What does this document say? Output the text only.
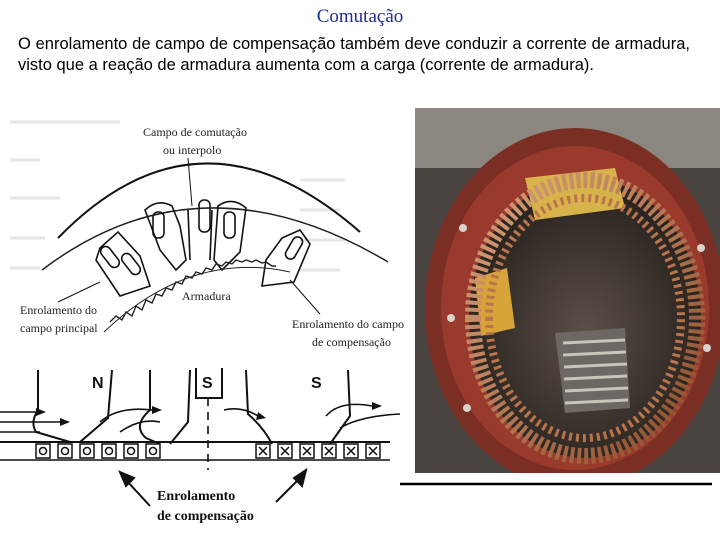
Comutação
O enrolamento de campo de compensação também deve conduzir a corrente de armadura, visto que a reação de armadura aumenta com a carga (corrente de armadura).
Campo de comutação
ou interpolo
Armadura
Enrolamento do
campo principal	Enrolamento do campo
de compensação
N	S	S
Enrolamento
de compensação
